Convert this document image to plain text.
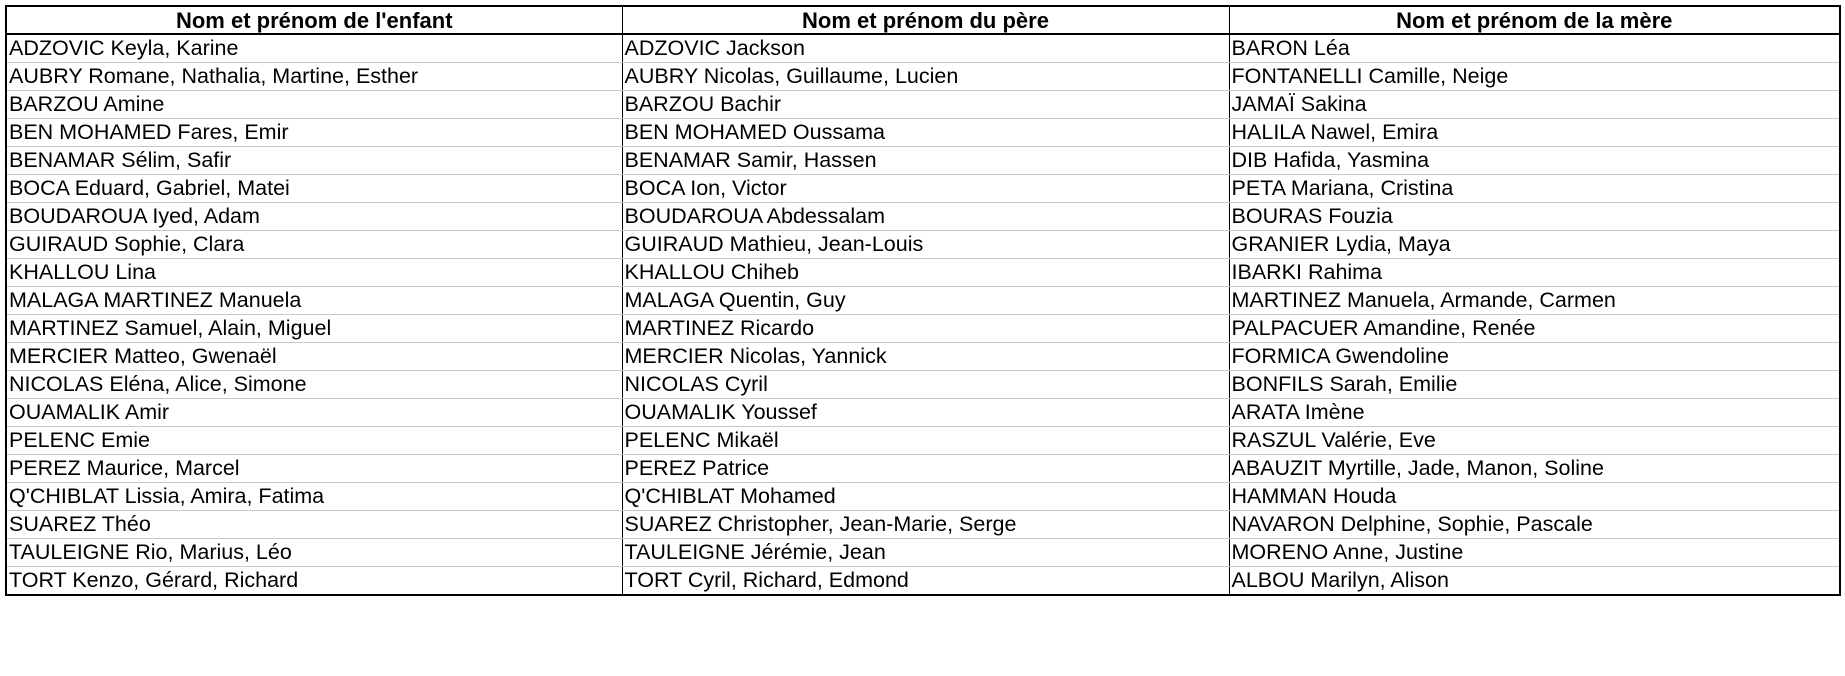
Nom et prénom de l'enfant	Nom et prénom du père	Nom et prénom de la mère
ADZOVIC Keyla, Karine	ADZOVIC Jackson	BARON Léa
AUBRY Romane, Nathalia, Martine, Esther	AUBRY Nicolas, Guillaume, Lucien	FONTANELLI Camille, Neige
BARZOU Amine	BARZOU Bachir	JAMAÏ Sakina
BEN MOHAMED Fares, Emir	BEN MOHAMED Oussama	HALILA Nawel, Emira
BENAMAR Sélim, Safir	BENAMAR Samir, Hassen	DIB Hafida, Yasmina
BOCA Eduard, Gabriel, Matei	BOCA Ion, Victor	PETA Mariana, Cristina
BOUDAROUA Iyed, Adam	BOUDAROUA Abdessalam	BOURAS Fouzia
GUIRAUD Sophie, Clara	GUIRAUD Mathieu, Jean-Louis	GRANIER Lydia, Maya
KHALLOU Lina	KHALLOU Chiheb	IBARKI Rahima
MALAGA MARTINEZ Manuela	MALAGA Quentin, Guy	MARTINEZ Manuela, Armande, Carmen
MARTINEZ Samuel, Alain, Miguel	MARTINEZ Ricardo	PALPACUER Amandine, Renée
MERCIER Matteo, Gwenaël	MERCIER Nicolas, Yannick	FORMICA Gwendoline
NICOLAS Eléna, Alice, Simone	NICOLAS Cyril	BONFILS Sarah, Emilie
OUAMALIK Amir	OUAMALIK Youssef	ARATA Imène
PELENC Emie	PELENC Mikaël	RASZUL Valérie, Eve
PEREZ Maurice, Marcel	PEREZ Patrice	ABAUZIT Myrtille, Jade, Manon, Soline
Q'CHIBLAT Lissia, Amira, Fatima	Q'CHIBLAT Mohamed	HAMMAN Houda
SUAREZ Théo	SUAREZ Christopher, Jean-Marie, Serge	NAVARON Delphine, Sophie, Pascale
TAULEIGNE Rio, Marius, Léo	TAULEIGNE Jérémie, Jean	MORENO Anne, Justine
TORT Kenzo, Gérard, Richard	TORT Cyril, Richard, Edmond	ALBOU Marilyn, Alison
